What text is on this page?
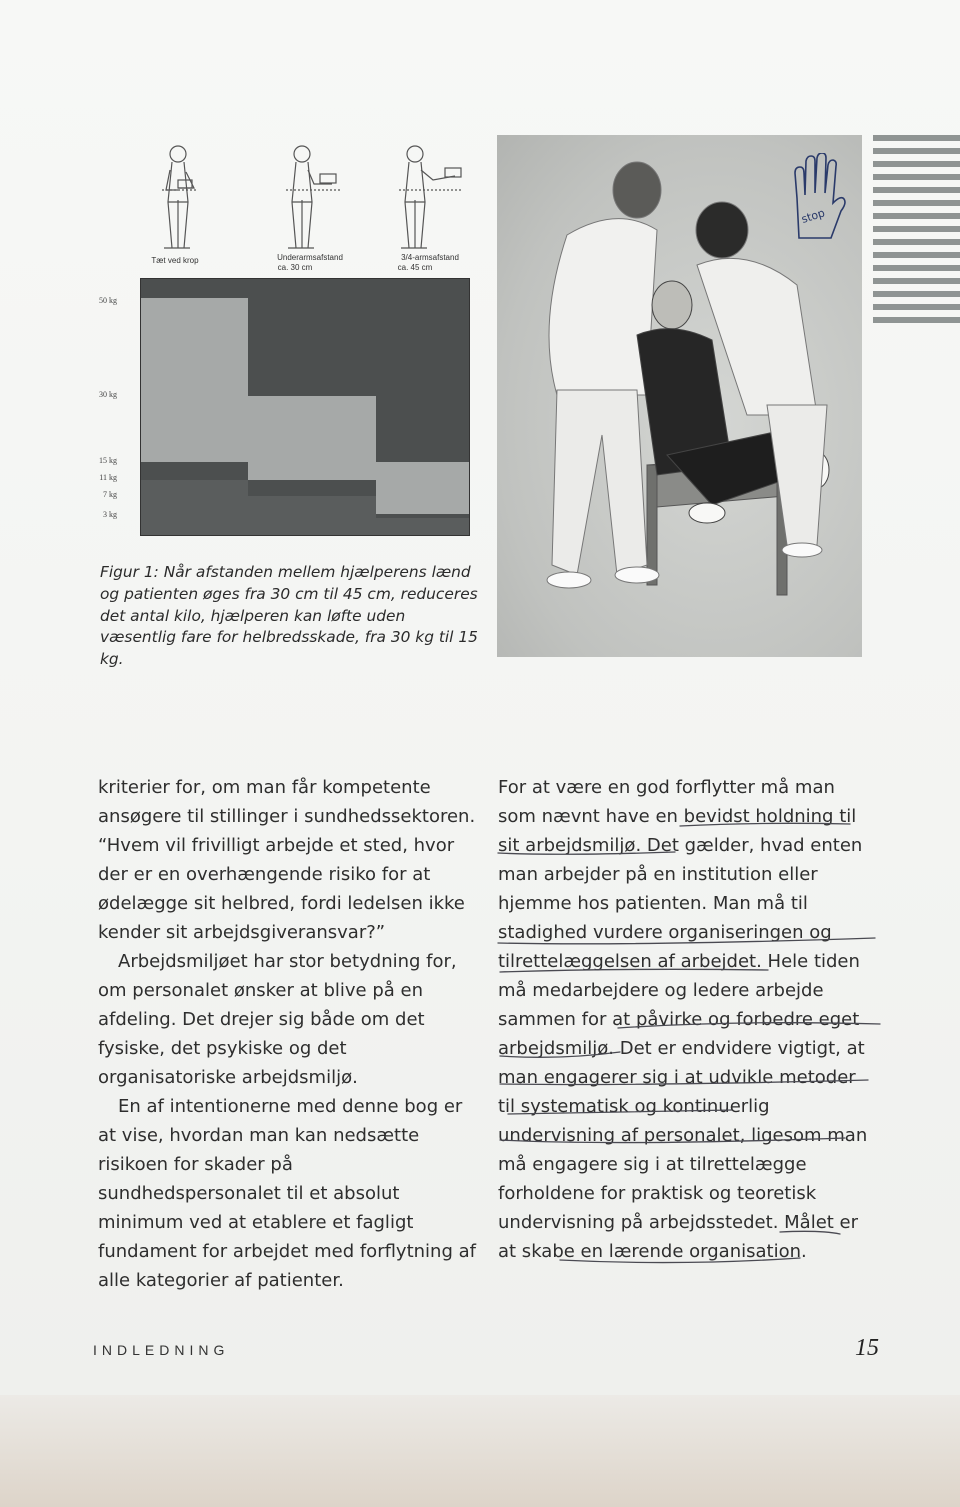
Tæt ved krop	Underarmsafstand
ca. 30 cm
3/4-armsafstand
ca. 45 cm
50 kg
30 kg
15 kg
11 kg
7 kg
3 kg
Figur 1: Når afstanden mellem hjælperens lænd og patienten øges fra 30 cm til 45 cm, reduceres det antal kilo, hjælperen kan løfte uden væsentlig fare for helbredsskade, fra 30 kg til 15 kg.
stop

kriterier for, om man får kompetente ansøgere til stillinger i sundhedssektoren. “Hvem vil frivilligt arbejde et sted, hvor der er en overhængende risiko for at ødelægge sit helbred, fordi ledelsen ikke kender sit arbejdsgiveransvar?”

Arbejdsmiljøet har stor betydning for, om personalet ønsker at blive på en afdeling. Det drejer sig både om det fysiske, det psykiske og det organisatoriske arbejdsmiljø.

En af intentionerne med denne bog er at vise, hvordan man kan nedsætte risikoen for skader på sundhedspersonalet til et absolut minimum ved at etablere et fagligt fundament for arbejdet med forflytning af alle kategorier af patienter.

For at være en god forflytter må man som nævnt have en bevidst holdning til sit arbejdsmiljø. Det gælder, hvad enten man arbejder på en institution eller hjemme hos patienten. Man må til stadighed vurdere organiseringen og tilrettelæggelsen af arbejdet. Hele tiden må medarbejdere og ledere arbejde sammen for at påvirke og forbedre eget arbejdsmiljø. Det er endvidere vigtigt, at man engagerer sig i at udvikle metoder til systematisk og kontinuerlig undervisning af personalet, ligesom man må engagere sig i at tilrettelægge forholdene for praktisk og teoretisk undervisning på arbejdsstedet. Målet er at skabe en lærende organisation.

INDLEDNING	15
